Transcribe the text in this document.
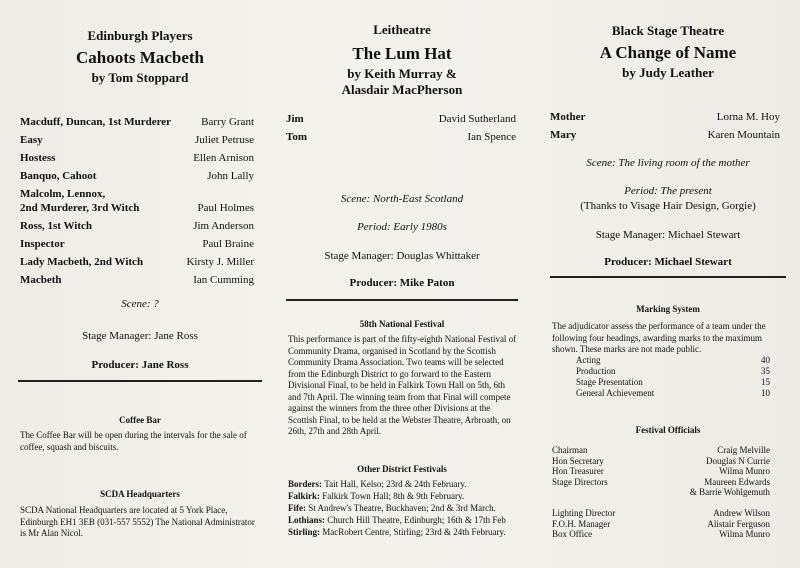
Edinburgh Players
Cahoots Macbeth
by Tom Stoppard
Macduff, Duncan, 1st Murderer	Barry Grant
Easy	Juliet Petruse
Hostess	Ellen Arnison
Banquo, Cahoot	John Lally
Malcolm, Lennox,
2nd Murderer, 3rd Witch	Paul Holmes
Ross, 1st Witch	Jim Anderson
Inspector	Paul Braine
Lady Macbeth, 2nd Witch	Kirsty J. Miller
Macbeth	Ian Cumming
Scene: ?
Stage Manager: Jane Ross
Producer: Jane Ross
Coffee Bar
The Coffee Bar will be open during the intervals for the sale of coffee, squash and biscuits.
SCDA Headquarters
SCDA National Headquarters are located at 5 York Place, Edinburgh EH1 3EB (031-557 5552) The National Administrator is Mr Alan Nicol.
Leitheatre
The Lum Hat
by Keith Murray &
Alasdair MacPherson
Jim	David Sutherland
Tom	Ian Spence
Scene: North-East Scotland
Period: Early 1980s
Stage Manager: Douglas Whittaker
Producer: Mike Paton
58th National Festival
This performance is part of the fifty-eighth National Festival of Community Drama, organised in Scotland by the Scottish Community Drama Association. Two teams will be selected from the Edinburgh District to go forward to the Eastern Divisional Final, to be held in Falkirk Town Hall on 5th, 6th and 7th April. The winning team from that Final will compete against the winners from the three other Divisions at the Scottish Final, to be held at the Webster Theatre, Arbroath, on 26th, 27th and 28th April.
Other District Festivals
Borders:
Tait Hall, Kelso; 23rd & 24th February.
Falkirk:
Falkirk Town Hall; 8th & 9th February.
Fife:
St Andrew's Theatre, Buckhaven; 2nd & 3rd March.
Lothians:
Church Hill Theatre, Edinburgh; 16th & 17th Feb
Stirling:
MacRobert Centre, Stirling; 23rd & 24th February.
Black Stage Theatre
A Change of Name
by Judy Leather
Mother	Lorna M. Hoy
Mary	Karen Mountain
Scene: The living room of the mother
Period: The present
(Thanks to Visage Hair Design, Gorgie)
Stage Manager: Michael Stewart
Producer: Michael Stewart
Marking System
The adjudicator assess the performance of a team under the following four headings, awarding marks to the maximum shown. These marks are not made public.
Acting	40
Production	35
Stage Presentation	15
General Achievement	10
Festival Officials
Chairman	Craig Melville
Hon Secretary	Douglas N Currie
Hon Treasurer	Wilma Munro
Stage Directors	Maureen Edwards
& Barrie Wohlgemuth
Lighting Director	Andrew Wilson
F.O.H. Manager	Alistair Ferguson
Box Office	Wilma Munro
